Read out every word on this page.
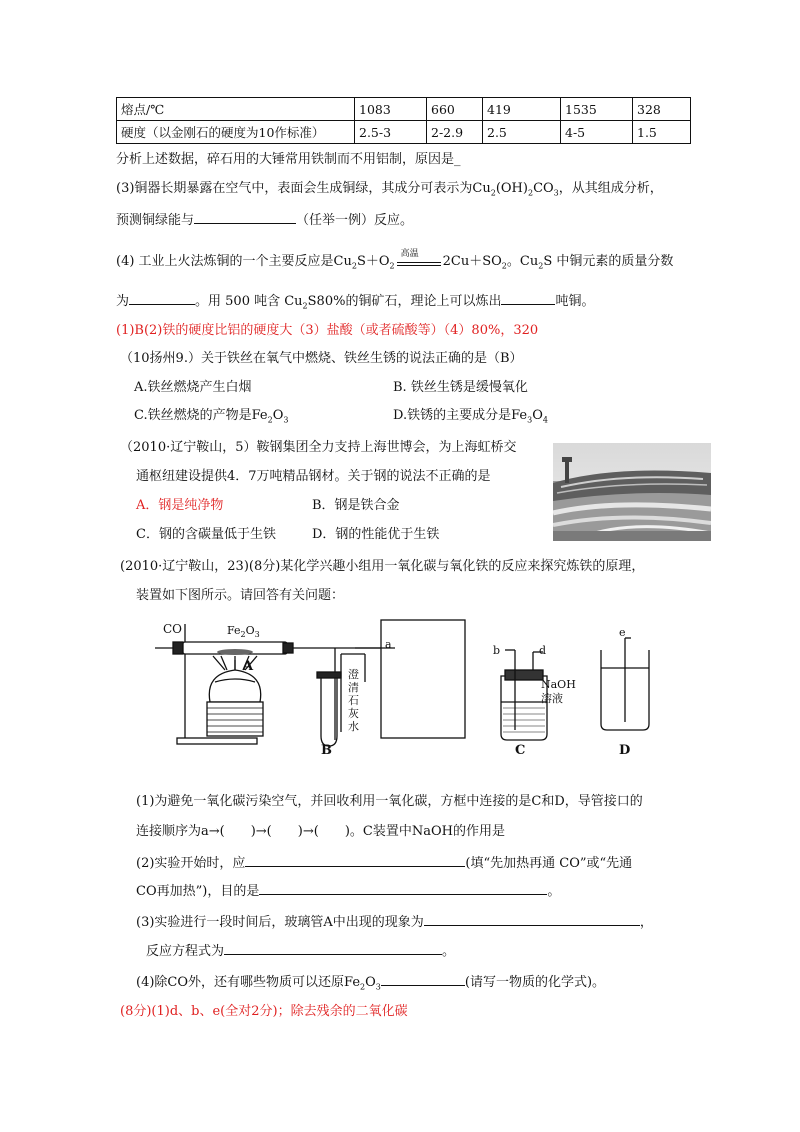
熔点/℃	1083	660	419	1535	328
硬度（以金刚石的硬度为10作标准）	2.5-3	2-2.9	2.5	4-5	1.5
分析上述数据，碎石用的大锤常用铁制而不用铝制，原因是_
(3)铜器长期暴露在空气中，表面会生成铜绿，其成分可表示为$Cu_2(OH)_2CO_3$，从其组成分析，
预测铜绿能与	（任举一例）反应。
(4) 工业上火法炼铜的一个主要反应是$Cu_2S+O_2$
高温 $2Cu+SO_2$。$Cu_2S$ 中铜元素的质量分数
为	。用 500 吨含 $Cu_2S80\%$的铜矿石，理论上可以炼出	吨铜。
(1)B(2)铁的硬度比铝的硬度大（3）盐酸（或者硫酸等）（4）80%，320
（10扬州9.）关于铁丝在氧气中燃烧、铁丝生锈的说法正确的是（B）
A.铁丝燃烧产生白烟	B. 铁丝生锈是缓慢氧化
C.铁丝燃烧的产物是$Fe_2O_3$	D.铁锈的主要成分是$Fe_3O_4$
（2010·辽宁鞍山，5）鞍钢集团全力支持上海世博会，为上海虹桥交
通枢纽建设提供4．7万吨精品钢材。关于钢的说法不正确的是
A．钢是纯净物	B．钢是铁合金
C．钢的含碳量低于生铁	D．钢的性能优于生铁
(2010·辽宁鞍山，23)(8分)某化学兴趣小组用一氧化碳与氧化铁的反应来探究炼铁的原理，
装置如下图所示。请回答有关问题：
CO	$Fe_2O_3$
A
B	C	D
a	b	d
e
澄
清
石
灰
水
NaOH
溶液
(1)为避免一氧化碳污染空气，并回收利用一氧化碳，方框中连接的是C和D，导管接口的
连接顺序为a→( )→( )→( )。C装置中NaOH的作用是
(2)实验开始时，应	(填“先加热再通 CO”或“先通
CO再加热”)，目的是	。
(3)实验进行一段时间后，玻璃管A中出现的现象为	，
反应方程式为	。
(4)除CO外，还有哪些物质可以还原$Fe_2O_3$	(请写一物质的化学式)。
(8分)(1)d、b、e(全对2分)；除去残余的二氧化碳
